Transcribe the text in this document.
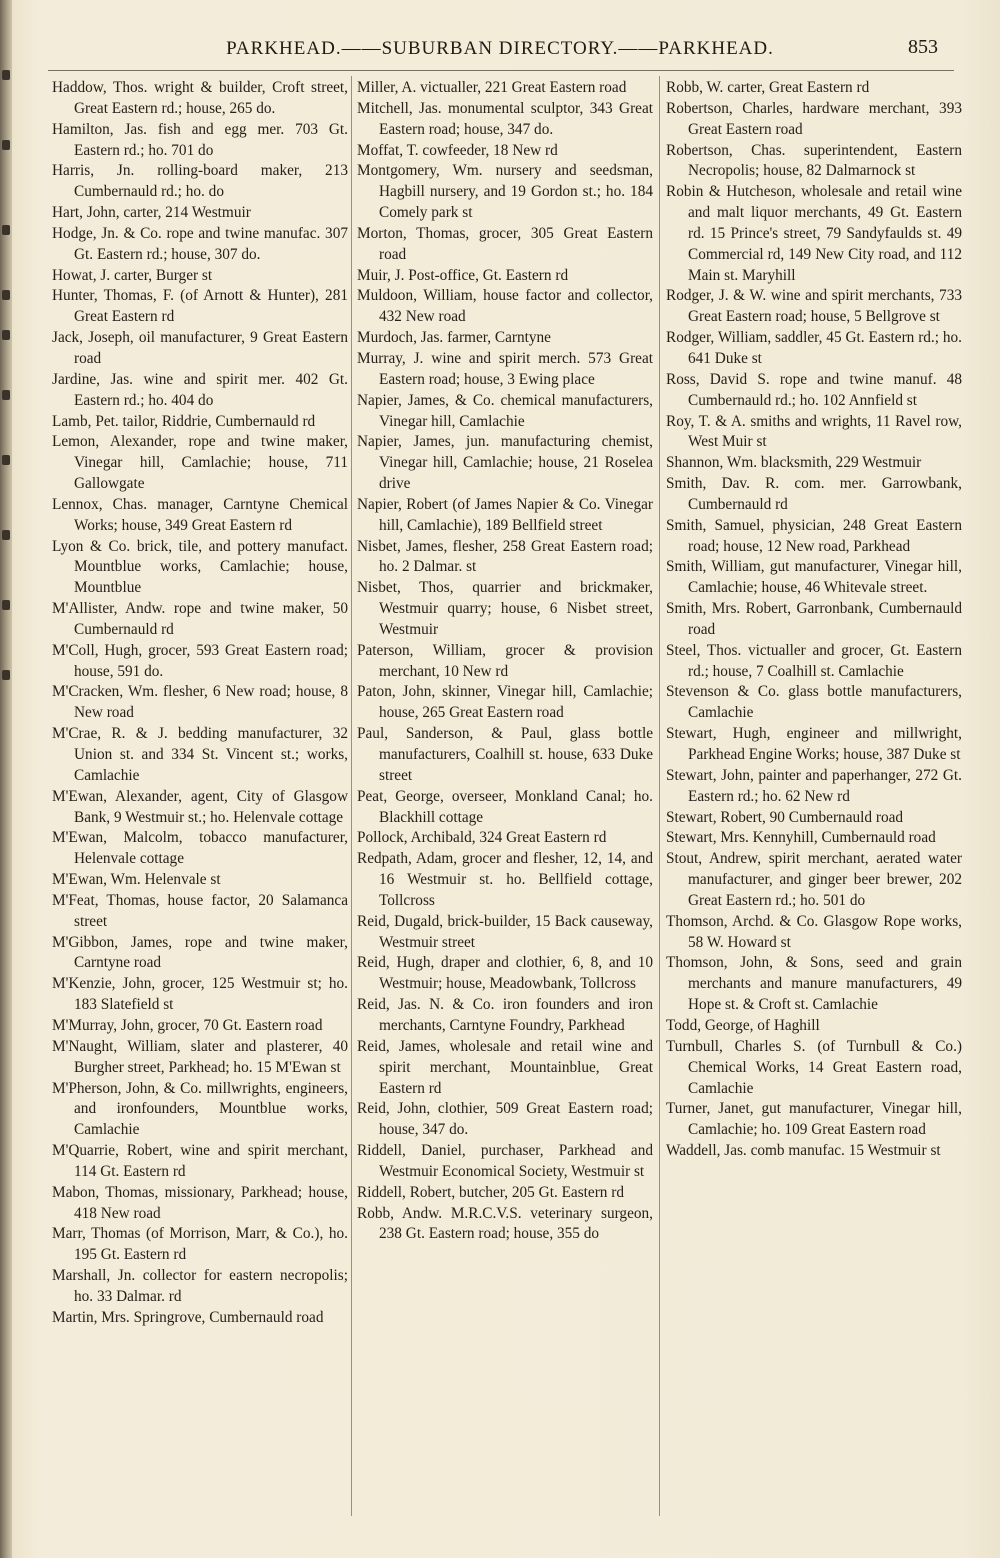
PARKHEAD.——SUBURBAN DIRECTORY.——PARKHEAD.	853

Haddow, Thos. wright & builder, Croft street, Great Eastern rd.; house, 265 do.

Hamilton, Jas. fish and egg mer. 703 Gt. Eastern rd.; ho. 701 do

Harris, Jn. rolling-board maker, 213 Cumbernauld rd.; ho. do

Hart, John, carter, 214 Westmuir

Hodge, Jn. & Co. rope and twine manufac. 307 Gt. Eastern rd.; house, 307 do.

Howat, J. carter, Burger st

Hunter, Thomas, F. (of Arnott & Hunter), 281 Great Eastern rd

Jack, Joseph, oil manufacturer, 9 Great Eastern road

Jardine, Jas. wine and spirit mer. 402 Gt. Eastern rd.; ho. 404 do

Lamb, Pet. tailor, Riddrie, Cumbernauld rd

Lemon, Alexander, rope and twine maker, Vinegar hill, Camlachie; house, 711 Gallowgate

Lennox, Chas. manager, Carntyne Chemical Works; house, 349 Great Eastern rd

Lyon & Co. brick, tile, and pottery manufact. Mountblue works, Camlachie; house, Mountblue

M'Allister, Andw. rope and twine maker, 50 Cumbernauld rd

M'Coll, Hugh, grocer, 593 Great Eastern road; house, 591 do.

M'Cracken, Wm. flesher, 6 New road; house, 8 New road

M'Crae, R. & J. bedding manufacturer, 32 Union st. and 334 St. Vincent st.; works, Camlachie

M'Ewan, Alexander, agent, City of Glasgow Bank, 9 Westmuir st.; ho. Helenvale cottage

M'Ewan, Malcolm, tobacco manufacturer, Helenvale cottage

M'Ewan, Wm. Helenvale st

M'Feat, Thomas, house factor, 20 Salamanca street

M'Gibbon, James, rope and twine maker, Carntyne road

M'Kenzie, John, grocer, 125 Westmuir st; ho. 183 Slatefield st

M'Murray, John, grocer, 70 Gt. Eastern road

M'Naught, William, slater and plasterer, 40 Burgher street, Parkhead; ho. 15 M'Ewan st

M'Pherson, John, & Co. millwrights, engineers, and ironfounders, Mountblue works, Camlachie

M'Quarrie, Robert, wine and spirit merchant, 114 Gt. Eastern rd

Mabon, Thomas, missionary, Parkhead; house, 418 New road

Marr, Thomas (of Morrison, Marr, & Co.), ho. 195 Gt. Eastern rd

Marshall, Jn. collector for eastern necropolis; ho. 33 Dalmar. rd

Martin, Mrs. Springrove, Cumbernauld road

Miller, A. victualler, 221 Great Eastern road

Mitchell, Jas. monumental sculptor, 343 Great Eastern road; house, 347 do.

Moffat, T. cowfeeder, 18 New rd

Montgomery, Wm. nursery and seedsman, Hagbill nursery, and 19 Gordon st.; ho. 184 Comely park st

Morton, Thomas, grocer, 305 Great Eastern road

Muir, J. Post-office, Gt. Eastern rd

Muldoon, William, house factor and collector, 432 New road

Murdoch, Jas. farmer, Carntyne

Murray, J. wine and spirit merch. 573 Great Eastern road; house, 3 Ewing place

Napier, James, & Co. chemical manufacturers, Vinegar hill, Camlachie

Napier, James, jun. manufacturing chemist, Vinegar hill, Camlachie; house, 21 Roselea drive

Napier, Robert (of James Napier & Co. Vinegar hill, Camlachie), 189 Bellfield street

Nisbet, James, flesher, 258 Great Eastern road; ho. 2 Dalmar. st

Nisbet, Thos, quarrier and brickmaker, Westmuir quarry; house, 6 Nisbet street, Westmuir

Paterson, William, grocer & provision merchant, 10 New rd

Paton, John, skinner, Vinegar hill, Camlachie; house, 265 Great Eastern road

Paul, Sanderson, & Paul, glass bottle manufacturers, Coalhill st. house, 633 Duke street

Peat, George, overseer, Monkland Canal; ho. Blackhill cottage

Pollock, Archibald, 324 Great Eastern rd

Redpath, Adam, grocer and flesher, 12, 14, and 16 Westmuir st. ho. Bellfield cottage, Tollcross

Reid, Dugald, brick-builder, 15 Back causeway, Westmuir street

Reid, Hugh, draper and clothier, 6, 8, and 10 Westmuir; house, Meadowbank, Tollcross

Reid, Jas. N. & Co. iron founders and iron merchants, Carntyne Foundry, Parkhead

Reid, James, wholesale and retail wine and spirit merchant, Mountainblue, Great Eastern rd

Reid, John, clothier, 509 Great Eastern road; house, 347 do.

Riddell, Daniel, purchaser, Parkhead and Westmuir Economical Society, Westmuir st

Riddell, Robert, butcher, 205 Gt. Eastern rd

Robb, Andw. M.R.C.V.S. veterinary surgeon, 238 Gt. Eastern road; house, 355 do

Robb, W. carter, Great Eastern rd

Robertson, Charles, hardware merchant, 393 Great Eastern road

Robertson, Chas. superintendent, Eastern Necropolis; house, 82 Dalmarnock st

Robin & Hutcheson, wholesale and retail wine and malt liquor merchants, 49 Gt. Eastern rd. 15 Prince's street, 79 Sandyfaulds st. 49 Commercial rd, 149 New City road, and 112 Main st. Maryhill

Rodger, J. & W. wine and spirit merchants, 733 Great Eastern road; house, 5 Bellgrove st

Rodger, William, saddler, 45 Gt. Eastern rd.; ho. 641 Duke st

Ross, David S. rope and twine manuf. 48 Cumbernauld rd.; ho. 102 Annfield st

Roy, T. & A. smiths and wrights, 11 Ravel row, West Muir st

Shannon, Wm. blacksmith, 229 Westmuir

Smith, Dav. R. com. mer. Garrowbank, Cumbernauld rd

Smith, Samuel, physician, 248 Great Eastern road; house, 12 New road, Parkhead

Smith, William, gut manufacturer, Vinegar hill, Camlachie; house, 46 Whitevale street.

Smith, Mrs. Robert, Garronbank, Cumbernauld road

Steel, Thos. victualler and grocer, Gt. Eastern rd.; house, 7 Coalhill st. Camlachie

Stevenson & Co. glass bottle manufacturers, Camlachie

Stewart, Hugh, engineer and millwright, Parkhead Engine Works; house, 387 Duke st

Stewart, John, painter and paperhanger, 272 Gt. Eastern rd.; ho. 62 New rd

Stewart, Robert, 90 Cumbernauld road

Stewart, Mrs. Kennyhill, Cumbernauld road

Stout, Andrew, spirit merchant, aerated water manufacturer, and ginger beer brewer, 202 Great Eastern rd.; ho. 501 do

Thomson, Archd. & Co. Glasgow Rope works, 58 W. Howard st

Thomson, John, & Sons, seed and grain merchants and manure manufacturers, 49 Hope st. & Croft st. Camlachie

Todd, George, of Haghill

Turnbull, Charles S. (of Turnbull & Co.) Chemical Works, 14 Great Eastern road, Camlachie

Turner, Janet, gut manufacturer, Vinegar hill, Camlachie; ho. 109 Great Eastern road

Waddell, Jas. comb manufac. 15 Westmuir st
